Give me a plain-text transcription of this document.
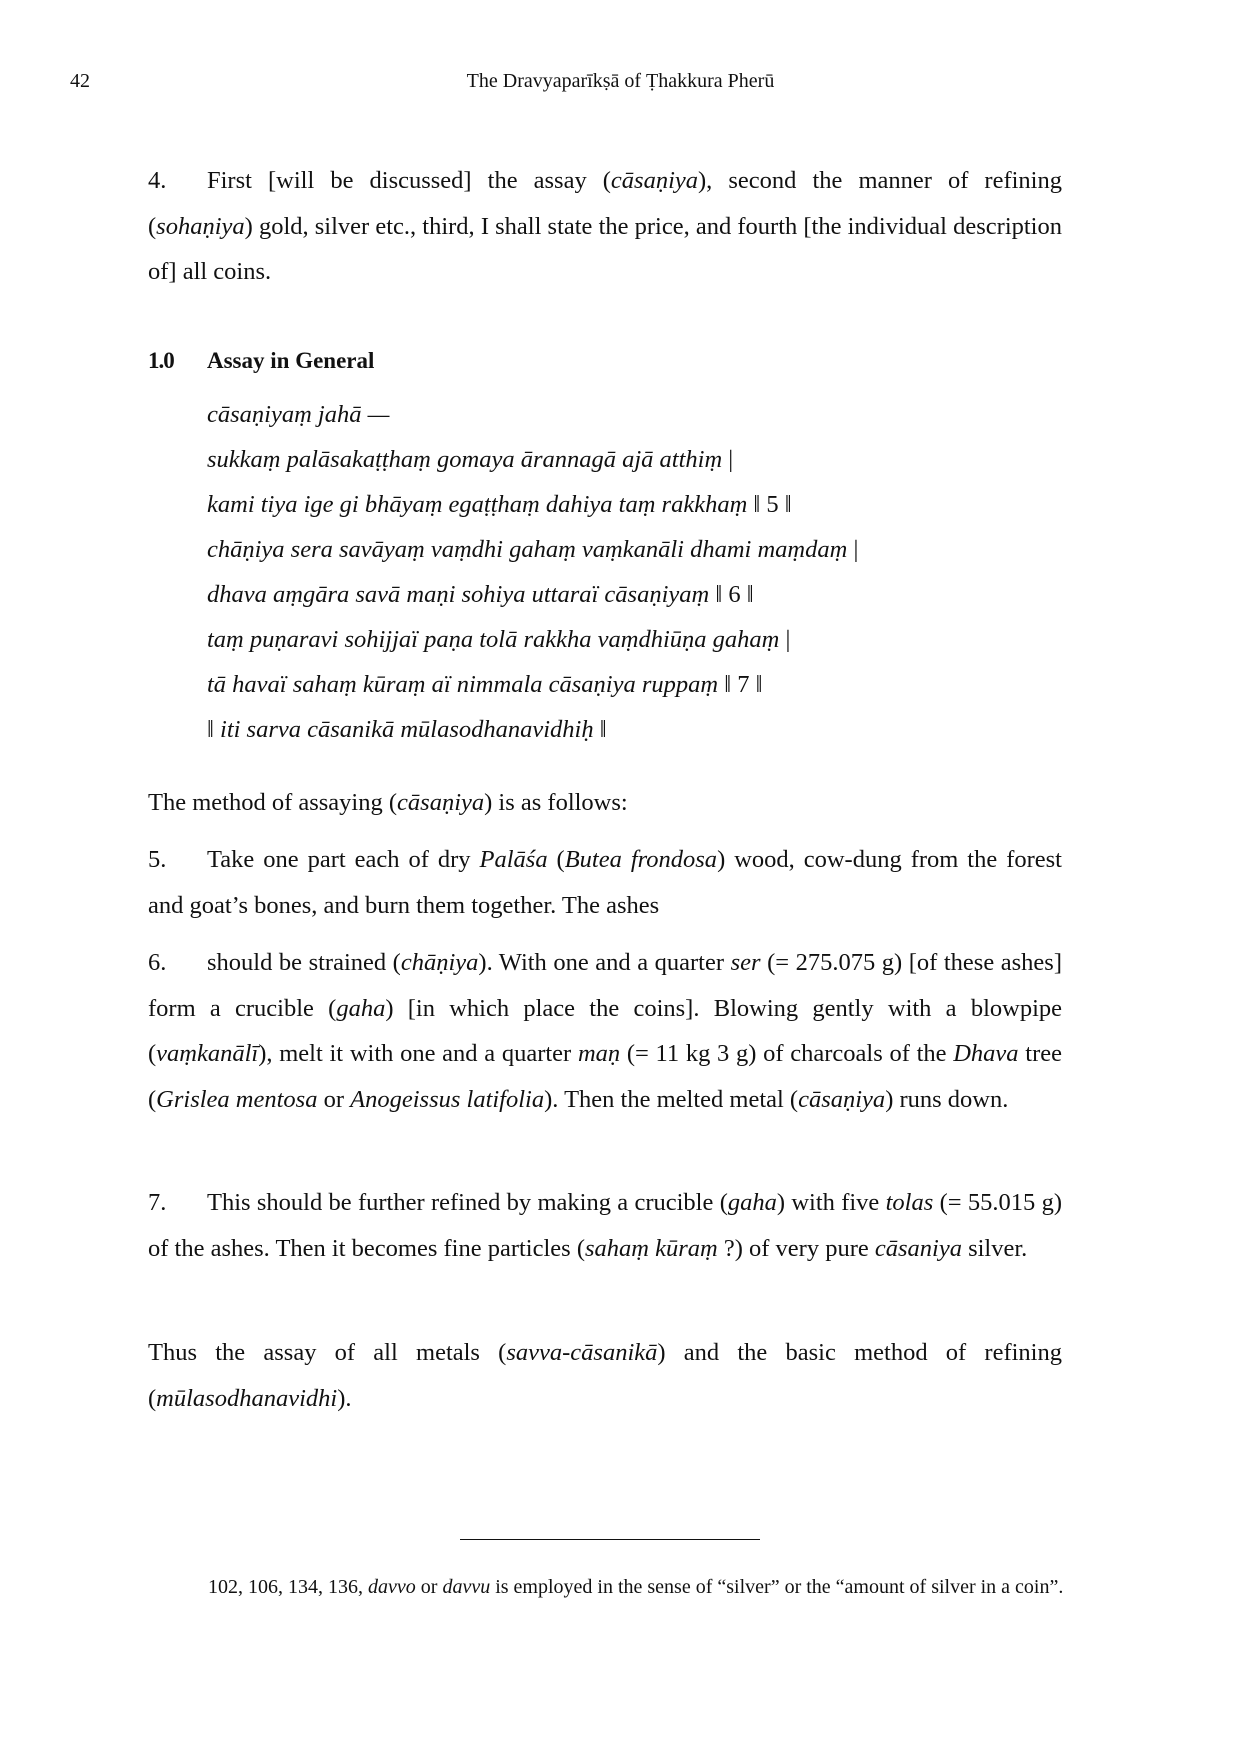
42	The Dravyaparīkṣā of Ṭhakkura Pherū

4. First [will be discussed] the assay (cāsaṇiya), second the manner of refining (sohaṇiya) gold, silver etc., third, I shall state the price, and fourth [the individual description of] all coins.

1.0 Assay in General
cāsaṇiyaṃ jahā —
sukkaṃ palāsakaṭṭhaṃ gomaya ārannagā ajā atthiṃ |
kami tiya ige gi bhāyaṃ egaṭṭhaṃ dahiya taṃ rakkhaṃ ‖ 5 ‖
chāṇiya sera savāyaṃ vaṃdhi gahaṃ vaṃkanāli dhami maṃdaṃ |
dhava aṃgāra savā maṇi sohiya uttaraï cāsaṇiyaṃ ‖ 6 ‖
taṃ puṇaravi sohijjaï paṇa tolā rakkha vaṃdhiūṇa gahaṃ |
tā havaï sahaṃ kūraṃ aï nimmala cāsaṇiya ruppaṃ ‖ 7 ‖
‖ iti sarva cāsanikā mūlasodhanavidhiḥ ‖

The method of assaying (cāsaṇiya) is as follows:

5. Take one part each of dry Palāśa (Butea frondosa) wood, cow-dung from the forest and goat’s bones, and burn them together. The ashes

6. should be strained (chāṇiya). With one and a quarter ser (= 275.075 g) [of these ashes] form a crucible (gaha) [in which place the coins]. Blowing gently with a blowpipe (vaṃkanālī), melt it with one and a quarter maṇ (= 11 kg 3 g) of charcoals of the Dhava tree (Grislea mentosa or Anogeissus latifolia). Then the melted metal (cāsaṇiya) runs down.

7. This should be further refined by making a crucible (gaha) with five tolas (= 55.015 g) of the ashes. Then it becomes fine particles (sahaṃ kūraṃ ?) of very pure cāsaniya silver.

Thus the assay of all metals (savva-cāsanikā) and the basic method of refining (mūlasodhanavidhi).

102, 106, 134, 136, davvo or davvu is employed in the sense of “silver” or the “amount of silver in a coin”.
